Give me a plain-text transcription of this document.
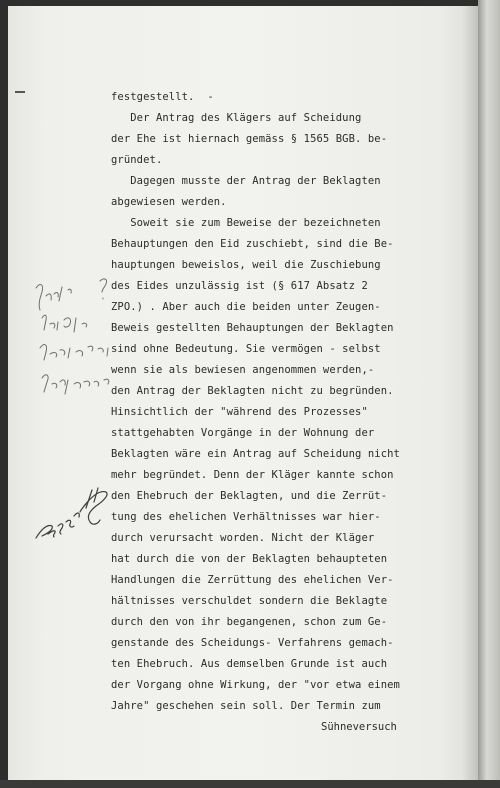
festgestellt.  -
Der Antrag des Klägers auf Scheidung
der Ehe ist hiernach gemäss § 1565 BGB. be-
gründet.
Dagegen musste der Antrag der Beklagten
abgewiesen werden.
Soweit sie zum Beweise der bezeichneten
Behauptungen den Eid zuschiebt, sind die Be-
hauptungen beweislos, weil die Zuschiebung
des Eides unzulässig ist (§ 617 Absatz 2
ZPO.) . Aber auch die beiden unter Zeugen-
Beweis gestellten Behauptungen der Beklagten
sind ohne Bedeutung. Sie vermögen - selbst
wenn sie als bewiesen angenommen werden,-
den Antrag der Beklagten nicht zu begründen.
Hinsichtlich der "während des Prozesses"
stattgehabten Vorgänge in der Wohnung der
Beklagten wäre ein Antrag auf Scheidung nicht
mehr begründet. Denn der Kläger kannte schon
den Ehebruch der Beklagten, und die Zerrüt-
tung des ehelichen Verhältnisses war hier-
durch verursacht worden. Nicht der Kläger
hat durch die von der Beklagten behaupteten
Handlungen die Zerrüttung des ehelichen Ver-
hältnisses verschuldet sondern die Beklagte
durch den von ihr begangenen, schon zum Ge-
genstande des Scheidungs- Verfahrens gemach-
ten Ehebruch. Aus demselben Grunde ist auch
der Vorgang ohne Wirkung, der "vor etwa einem
Jahre" geschehen sein soll. Der Termin zum
Sühneversuch
